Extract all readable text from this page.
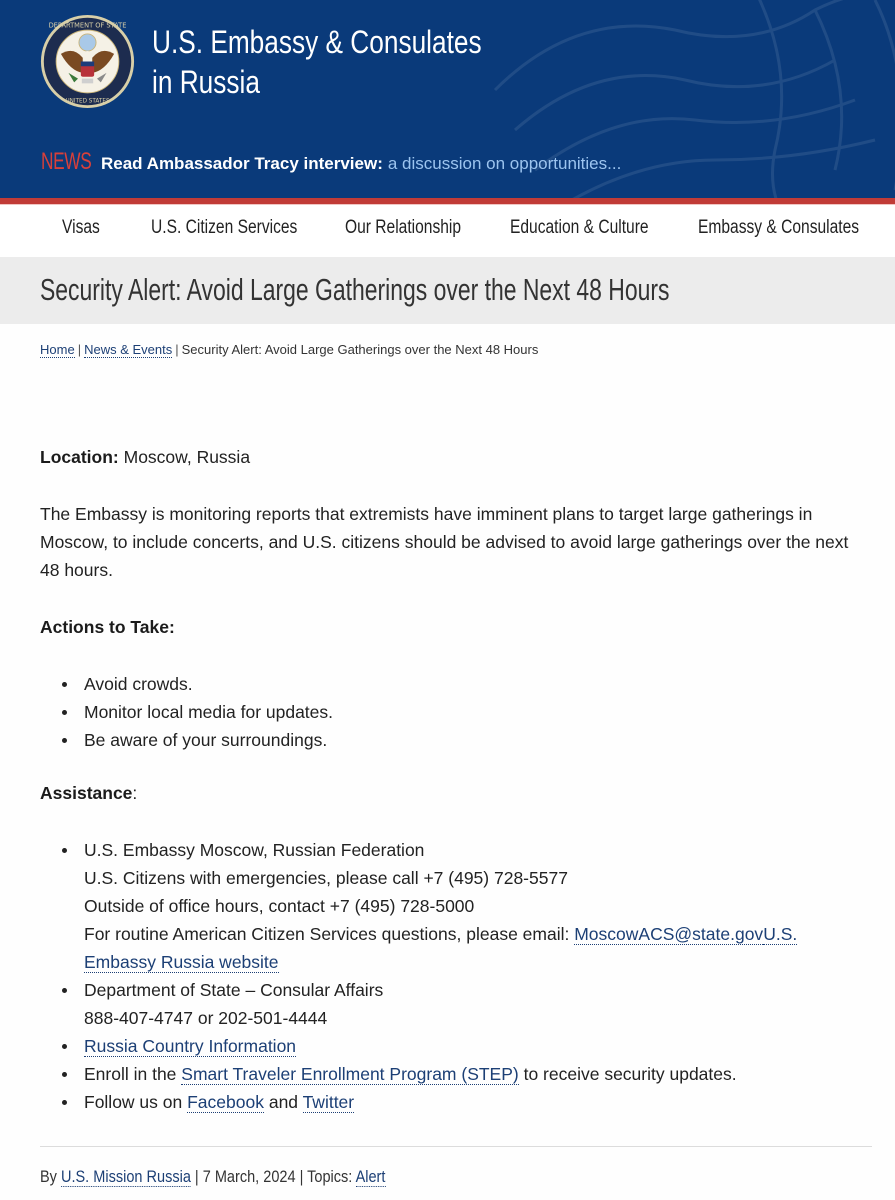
DEPARTMENT OF STATE
UNITED STATES
U.S. Embassy & Consulates
in Russia
NEWS Read Ambassador Tracy interview: a discussion on opportunities...
Visas	U.S. Citizen Services	Our Relationship	Education & Culture	Embassy & Consulates
Security Alert: Avoid Large Gatherings over the Next 48 Hours
Home | News & Events | Security Alert: Avoid Large Gatherings over the Next 48 Hours

Location: Moscow, Russia

The Embassy is monitoring reports that extremists have imminent plans to target large gatherings in Moscow, to include concerts, and U.S. citizens should be advised to avoid large gatherings over the next 48 hours.

Actions to Take:

Avoid crowds.
Monitor local media for updates.
Be aware of your surroundings.

Assistance:

U.S. Embassy Moscow, Russian Federation
U.S. Citizens with emergencies, please call +7 (495) 728-5577
Outside of office hours, contact +7 (495) 728-5000
For routine American Citizen Services questions, please email: MoscowACS@state.govU.S.
Embassy Russia website
Department of State – Consular Affairs
888-407-4747 or 202-501-4444
Russia Country Information
Enroll in the Smart Traveler Enrollment Program (STEP) to receive security updates.
Follow us on Facebook and Twitter
By U.S. Mission Russia | 7 March, 2024 | Topics: Alert
